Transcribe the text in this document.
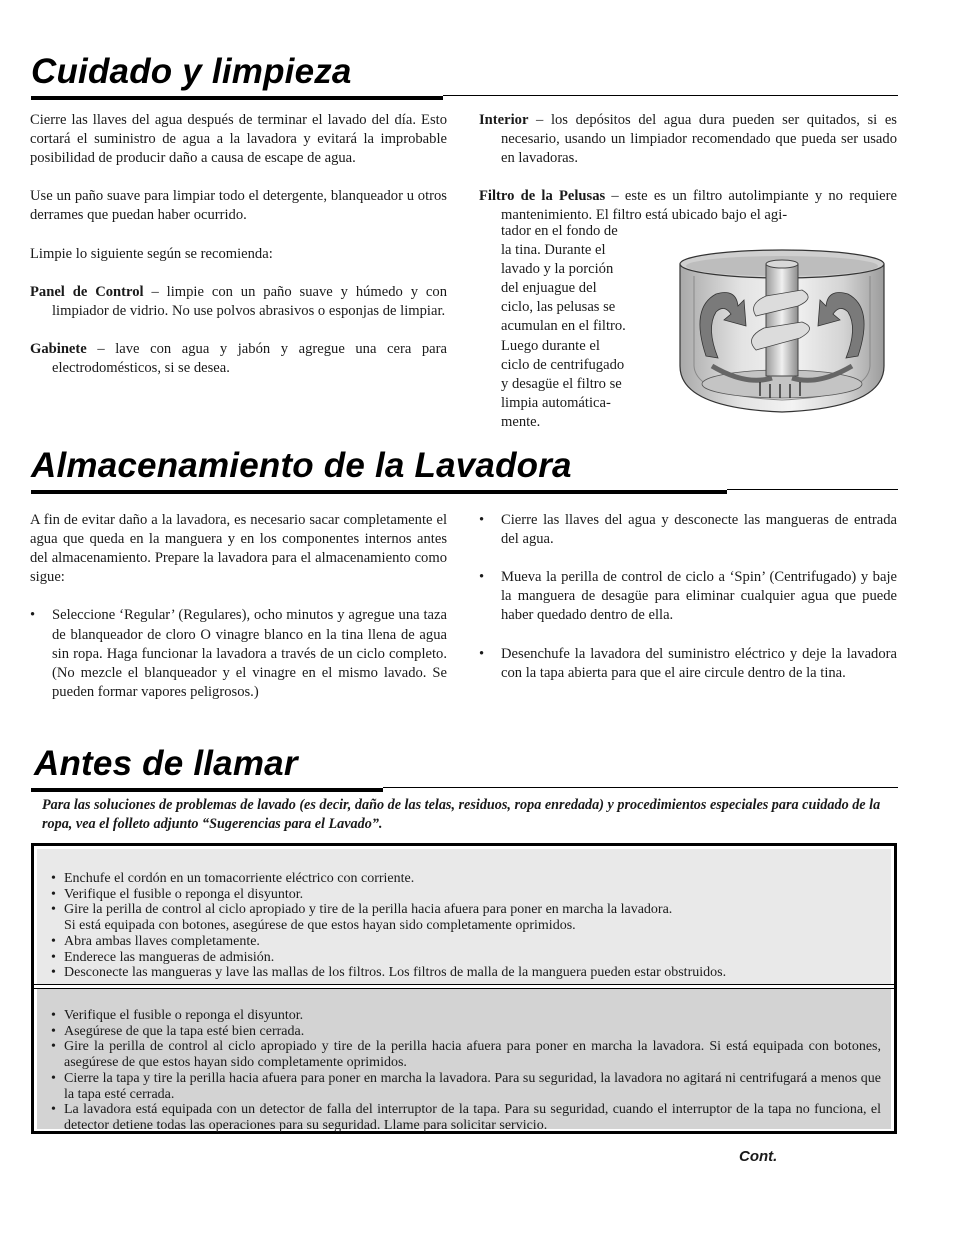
Cuidado y limpieza

Cierre las llaves del agua después de terminar el lavado del día. Esto cortará el suministro de agua a la lavadora y evitará la improbable posibilidad de producir daño a causa de escape de agua.

Use un paño suave para limpiar todo el detergente, blanqueador u otros derrames que puedan haber ocurrido.

Limpie lo siguiente según se recomienda:

Panel de Control – limpie con un paño suave y húmedo y con limpiador de vidrio. No use polvos abrasivos o esponjas de limpiar.

Gabinete – lave con agua y jabón y agregue una cera para electrodomésticos, si se desea.

Interior – los depósitos del agua dura pueden ser quitados, si es necesario, usando un limpiador recomendado que pueda ser usado en lavadoras.

Filtro de la Pelusas – este es un filtro autolimpiante y no requiere mantenimiento. El filtro está ubicado bajo el agi-

tador en el fondo de
la tina. Durante el
lavado y la porción
del enjuague del
ciclo, las pelusas se
acumulan en el filtro.
Luego durante el
ciclo de centrifugado
y desagüe el filtro se
limpia automática-
mente.
Almacenamiento de la Lavadora

A fin de evitar daño a la lavadora, es necesario sacar completamente el agua que queda en la manguera y en los componentes internos antes del almacenamiento. Prepare la lavadora para el almacenamiento como sigue:

• Seleccione ‘Regular’ (Regulares), ocho minutos y agregue una taza de blanqueador de cloro O vinagre blanco en la tina llena de agua sin ropa. Haga funcionar la lavadora a través de un ciclo completo. (No mezcle el blanqueador y el vinagre en el mismo lavado. Se pueden formar vapores peligrosos.)
• Cierre las llaves del agua y desconecte las mangueras de entrada del agua.
• Mueva la perilla de control de ciclo a ‘Spin’ (Centrifugado) y baje la manguera de desagüe para eliminar cualquier agua que puede haber quedado dentro de ella.
• Desenchufe la lavadora del suministro eléctrico y deje la lavadora con la tapa abierta para que el aire circule dentro de la tina.
Antes de llamar
Para las soluciones de problemas de lavado (es decir, daño de las telas, residuos, ropa enredada) y procedimientos especiales para cuidado de la ropa, vea el folleto adjunto “Sugerencias para el Lavado”.
• Enchufe el cordón en un tomacorriente eléctrico con corriente.
• Verifique el fusible o reponga el disyuntor.
• Gire la perilla de control al ciclo apropiado y tire de la perilla hacia afuera para poner en marcha la lavadora.
Si está equipada con botones, asegúrese de que estos hayan sido completamente oprimidos.
• Abra ambas llaves completamente.
• Enderece las mangueras de admisión.
• Desconecte las mangueras y lave las mallas de los filtros. Los filtros de malla de la manguera pueden estar obstruidos.
• Verifique el fusible o reponga el disyuntor.
• Asegúrese de que la tapa esté bien cerrada.
• Gire la perilla de control al ciclo apropiado y tire de la perilla hacia afuera para poner en marcha la lavadora. Si está equipada con botones, asegúrese de que estos hayan sido completamente oprimidos.
• Cierre la tapa y tire la perilla hacia afuera para poner en marcha la lavadora. Para su seguridad, la lavadora no agitará ni centrifugará a menos que la tapa esté cerrada.
• La lavadora está equipada con un detector de falla del interruptor de la tapa. Para su seguridad, cuando el interruptor de la tapa no funciona, el detector detiene todas las operaciones para su seguridad. Llame para solicitar servicio.
Cont.
